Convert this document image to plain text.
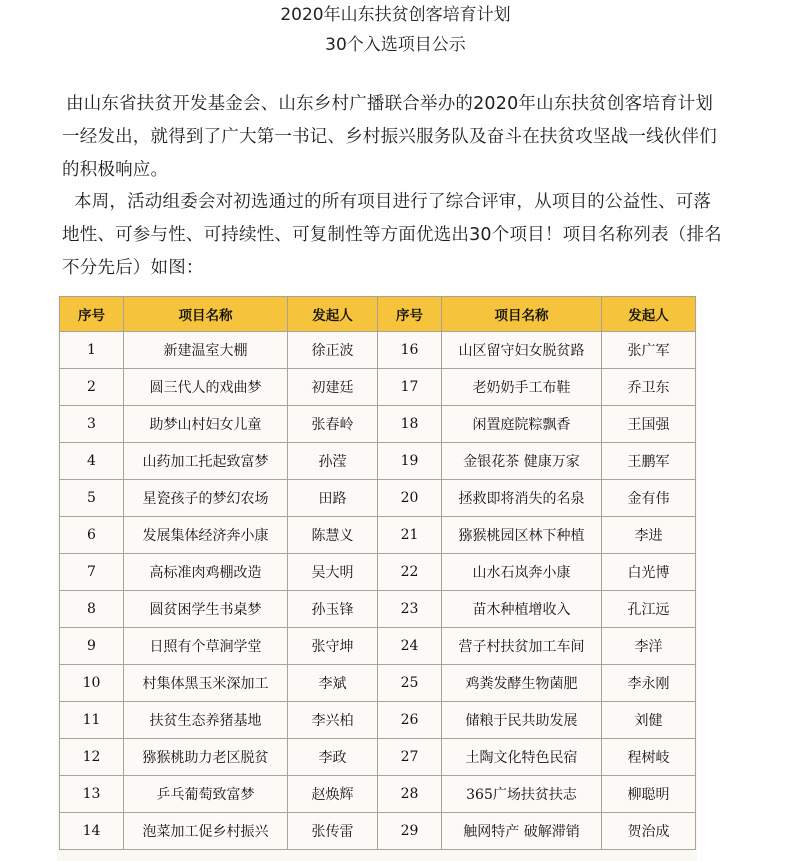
2020年山东扶贫创客培育计划
30个入选项目公示

由山东省扶贫开发基金会、山东乡村广播联合举办的2020年山东扶贫创客培育计划一经发出，就得到了广大第一书记、乡村振兴服务队及奋斗在扶贫攻坚战一线伙伴们的积极响应。

本周，活动组委会对初选通过的所有项目进行了综合评审，从项目的公益性、可落地性、可参与性、可持续性、可复制性等方面优选出30个项目！项目名称列表（排名不分先后）如图：

序号	项目名称	发起人	序号	项目名称	发起人
1	新建温室大棚	徐正波	16	山区留守妇女脱贫路	张广军
2	圆三代人的戏曲梦	初建廷	17	老奶奶手工布鞋	乔卫东
3	助梦山村妇女儿童	张春岭	18	闲置庭院粽飘香	王国强
4	山药加工托起致富梦	孙滢	19	金银花茶 健康万家	王鹏军
5	星瓷孩子的梦幻农场	田路	20	拯救即将消失的名泉	金有伟
6	发展集体经济奔小康	陈慧义	21	猕猴桃园区林下种植	李进
7	高标准肉鸡棚改造	吴大明	22	山水石岚奔小康	白光博
8	圆贫困学生书桌梦	孙玉锋	23	苗木种植增收入	孔江远
9	日照有个草涧学堂	张守坤	24	营子村扶贫加工车间	李洋
10	村集体黑玉米深加工	李斌	25	鸡粪发酵生物菌肥	李永刚
11	扶贫生态养猪基地	李兴柏	26	储粮于民共助发展	刘健
12	猕猴桃助力老区脱贫	李政	27	土陶文化特色民宿	程树岐
13	乒乓葡萄致富梦	赵焕辉	28	365广场扶贫扶志	柳聪明
14	泡菜加工促乡村振兴	张传雷	29	触网特产 破解滞销	贺治成
